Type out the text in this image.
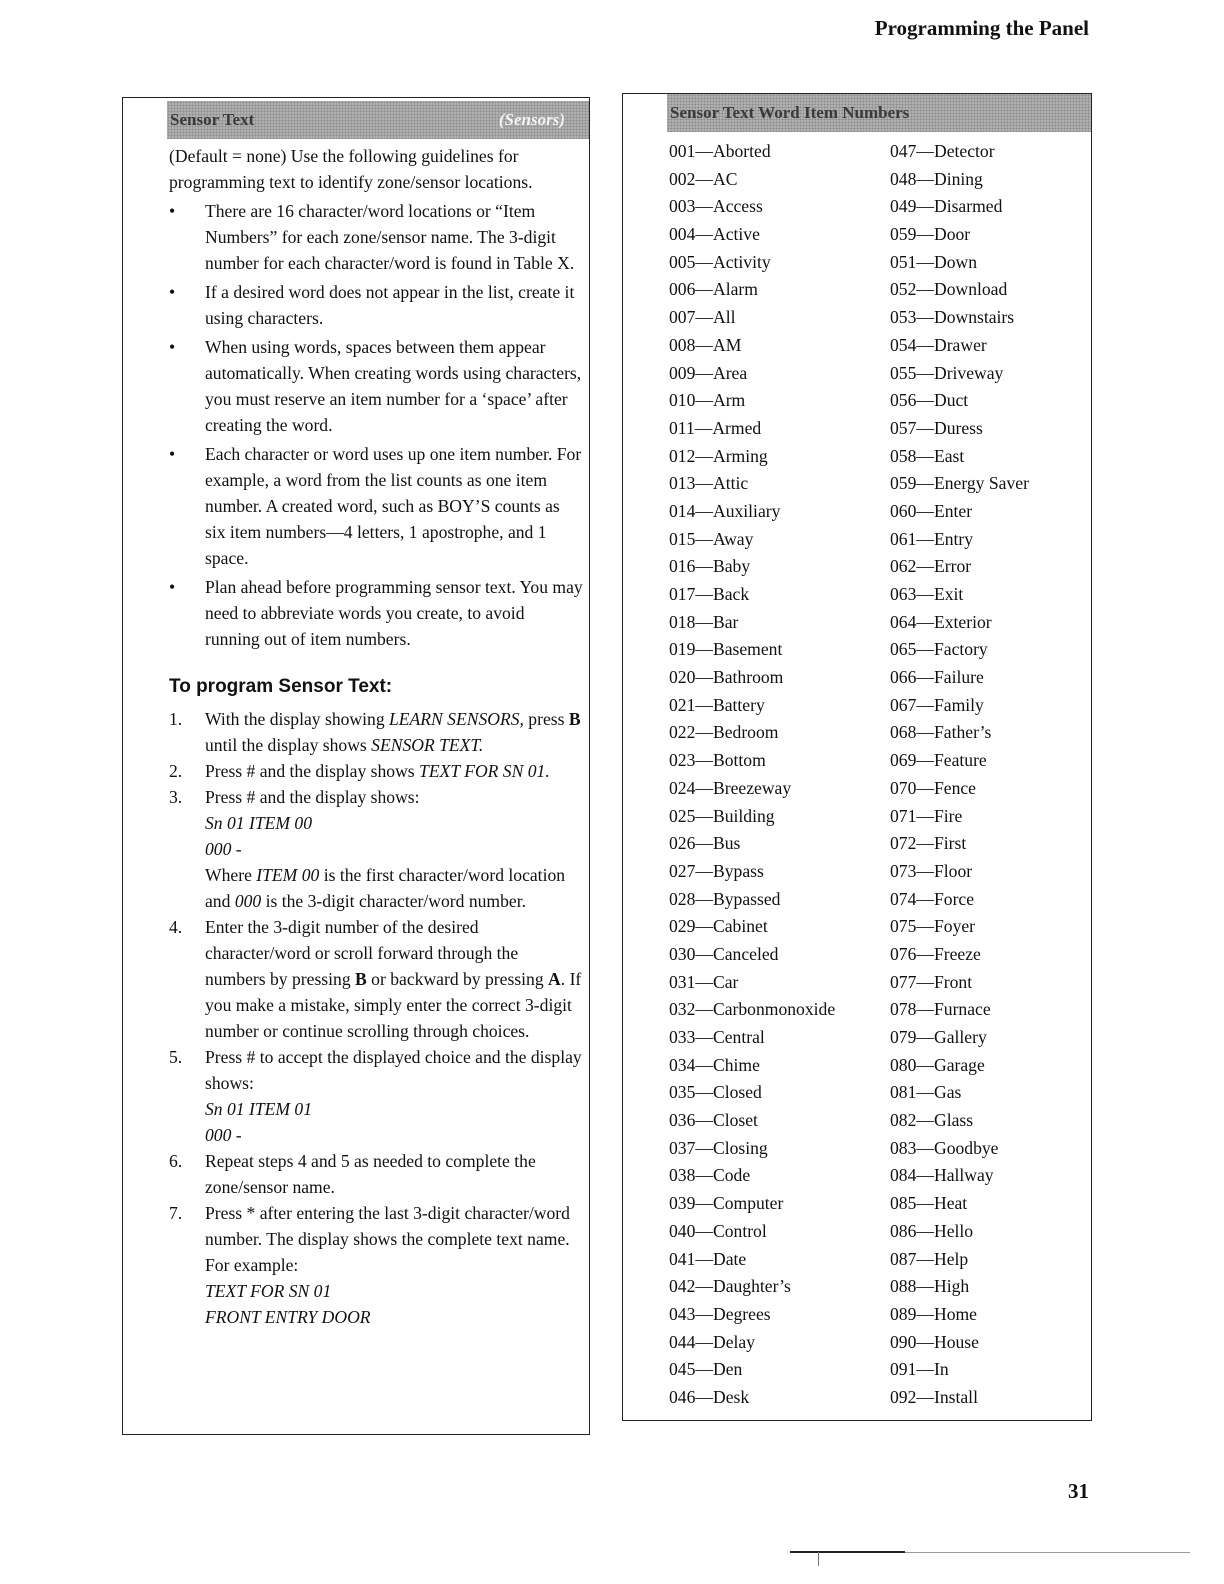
Programming the Panel
Sensor Text	(Sensors)

(Default = none) Use the following guidelines for programming text to identify zone/sensor locations.

• There are 16 character/word locations or “Item Numbers” for each zone/sensor name. The 3-digit number for each character/word is found in Table X.
• If a desired word does not appear in the list, create it using characters.
• When using words, spaces between them appear automatically. When creating words using characters, you must reserve an item number for a ‘space’ after creating the word.
• Each character or word uses up one item number. For example, a word from the list counts as one item number. A created word, such as BOY’S counts as six item numbers—4 letters, 1 apostrophe, and 1 space.
• Plan ahead before programming sensor text. You may need to abbreviate words you create, to avoid running out of item numbers.
To program Sensor Text:
1. With the display showing LEARN SENSORS, press B until the display shows SENSOR TEXT.
2. Press # and the display shows TEXT FOR SN 01.
3. Press # and the display shows:
Sn 01 ITEM 00
000 -
Where ITEM 00 is the first character/word location and 000 is the 3-digit character/word number.
4. Enter the 3-digit number of the desired character/word or scroll forward through the numbers by pressing B or backward by pressing A. If you make a mistake, simply enter the correct 3-digit number or continue scrolling through choices.
5. Press # to accept the displayed choice and the display shows:
Sn 01 ITEM 01
000 -
6. Repeat steps 4 and 5 as needed to complete the zone/sensor name.
7. Press * after entering the last 3-digit character/word number. The display shows the complete text name. For example:
TEXT FOR SN 01
FRONT ENTRY DOOR
Sensor Text Word Item Numbers
001—Aborted
002—AC
003—Access
004—Active
005—Activity
006—Alarm
007—All
008—AM
009—Area
010—Arm
011—Armed
012—Arming
013—Attic
014—Auxiliary
015—Away
016—Baby
017—Back
018—Bar
019—Basement
020—Bathroom
021—Battery
022—Bedroom
023—Bottom
024—Breezeway
025—Building
026—Bus
027—Bypass
028—Bypassed
029—Cabinet
030—Canceled
031—Car
032—Carbonmonoxide
033—Central
034—Chime
035—Closed
036—Closet
037—Closing
038—Code
039—Computer
040—Control
041—Date
042—Daughter’s
043—Degrees
044—Delay
045—Den
046—Desk
047—Detector
048—Dining
049—Disarmed
059—Door
051—Down
052—Download
053—Downstairs
054—Drawer
055—Driveway
056—Duct
057—Duress
058—East
059—Energy Saver
060—Enter
061—Entry
062—Error
063—Exit
064—Exterior
065—Factory
066—Failure
067—Family
068—Father’s
069—Feature
070—Fence
071—Fire
072—First
073—Floor
074—Force
075—Foyer
076—Freeze
077—Front
078—Furnace
079—Gallery
080—Garage
081—Gas
082—Glass
083—Goodbye
084—Hallway
085—Heat
086—Hello
087—Help
088—High
089—Home
090—House
091—In
092—Install
31
